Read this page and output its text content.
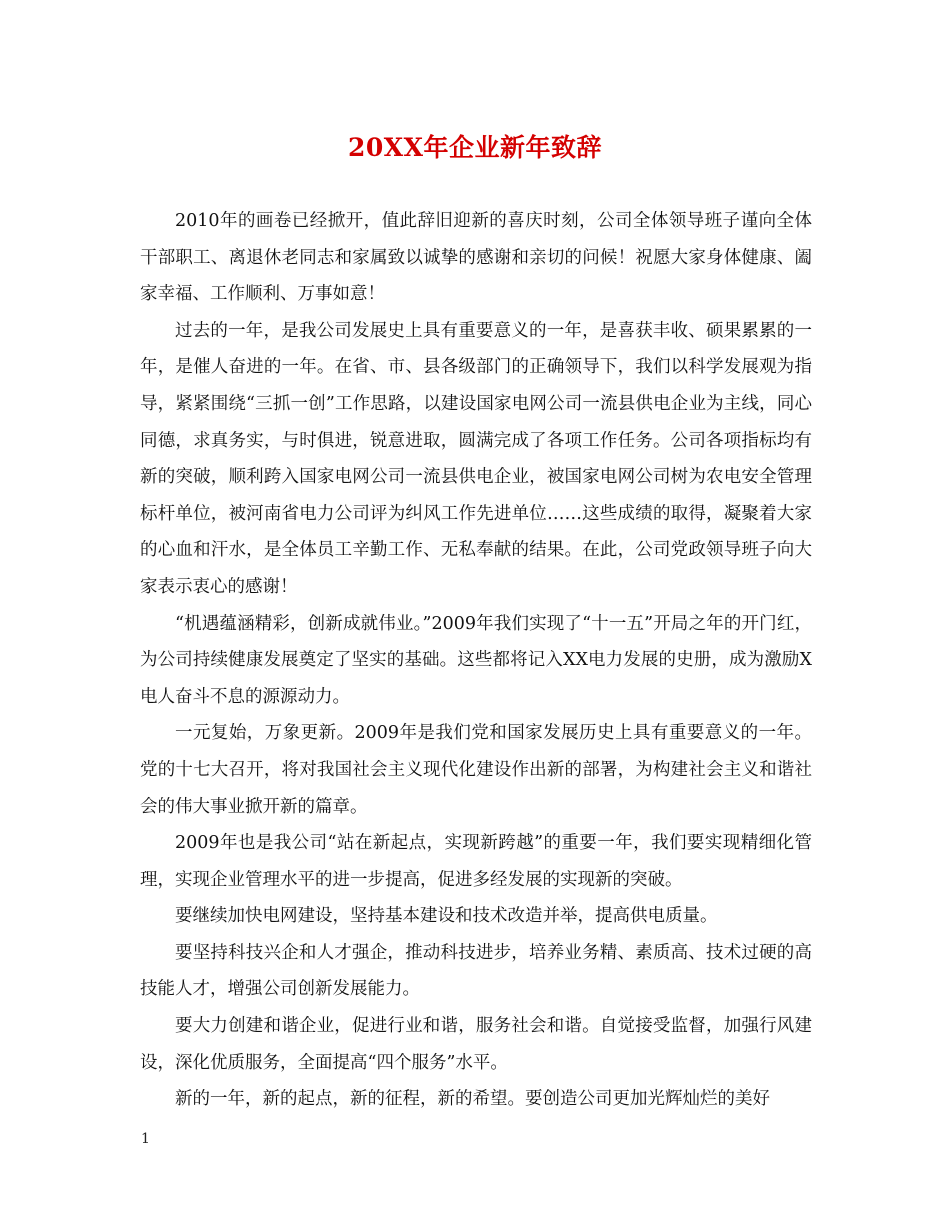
20XX年企业新年致辞

2010年的画卷已经掀开，值此辞旧迎新的喜庆时刻，公司全体领导班子谨向全体干部职工、离退休老同志和家属致以诚挚的感谢和亲切的问候！祝愿大家身体健康、阖家幸福、工作顺利、万事如意！

过去的一年，是我公司发展史上具有重要意义的一年，是喜获丰收、硕果累累的一年，是催人奋进的一年。在省、市、县各级部门的正确领导下，我们以科学发展观为指导，紧紧围绕“三抓一创”工作思路，以建设国家电网公司一流县供电企业为主线，同心同德，求真务实，与时俱进，锐意进取，圆满完成了各项工作任务。公司各项指标均有新的突破，顺利跨入国家电网公司一流县供电企业，被国家电网公司树为农电安全管理标杆单位，被河南省电力公司评为纠风工作先进单位……这些成绩的取得，凝聚着大家的心血和汗水，是全体员工辛勤工作、无私奉献的结果。在此，公司党政领导班子向大家表示衷心的感谢！

“机遇蕴涵精彩，创新成就伟业。”2009年我们实现了“十一五”开局之年的开门红，为公司持续健康发展奠定了坚实的基础。这些都将记入XX电力发展的史册，成为激励X电人奋斗不息的源源动力。

一元复始，万象更新。2009年是我们党和国家发展历史上具有重要意义的一年。党的十七大召开，将对我国社会主义现代化建设作出新的部署，为构建社会主义和谐社会的伟大事业掀开新的篇章。

2009年也是我公司“站在新起点，实现新跨越”的重要一年，我们要实现精细化管理，实现企业管理水平的进一步提高，促进多经发展的实现新的突破。

要继续加快电网建设，坚持基本建设和技术改造并举，提高供电质量。

要坚持科技兴企和人才强企，推动科技进步，培养业务精、素质高、技术过硬的高技能人才，增强公司创新发展能力。

要大力创建和谐企业，促进行业和谐，服务社会和谐。自觉接受监督，加强行风建设，深化优质服务，全面提高“四个服务”水平。

新的一年，新的起点，新的征程，新的希望。要创造公司更加光辉灿烂的美好

1
